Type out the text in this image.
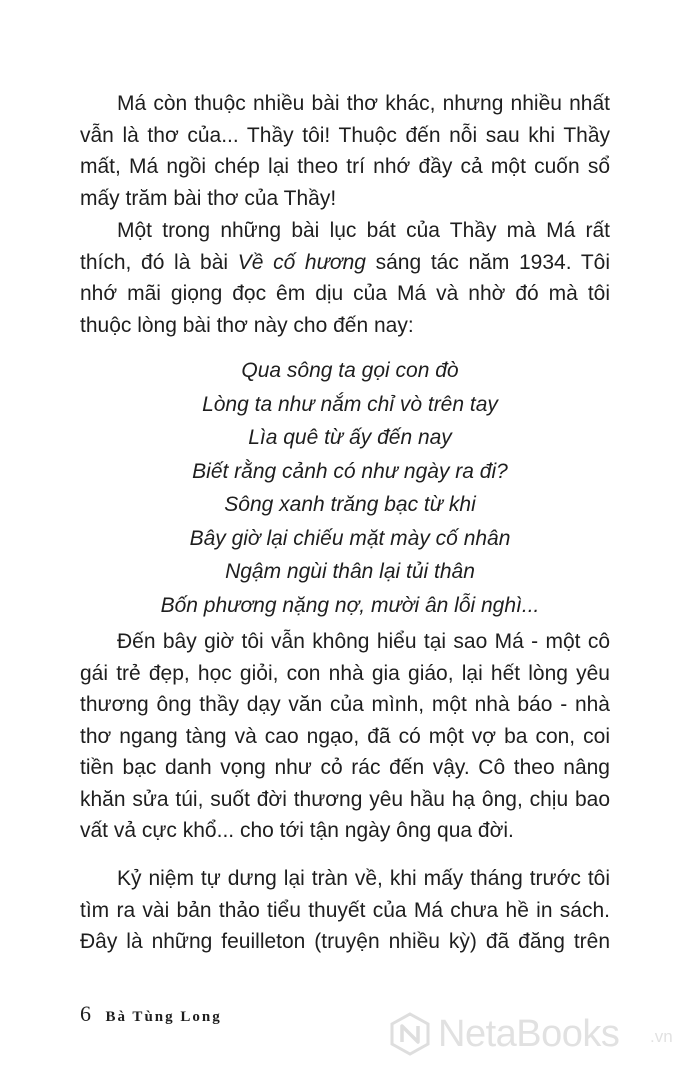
Má còn thuộc nhiều bài thơ khác, nhưng nhiều nhất vẫn là thơ của... Thầy tôi! Thuộc đến nỗi sau khi Thầy mất, Má ngồi chép lại theo trí nhớ đầy cả một cuốn sổ mấy trăm bài thơ của Thầy!

Một trong những bài lục bát của Thầy mà Má rất thích, đó là bài Về cố hương sáng tác năm 1934. Tôi nhớ mãi giọng đọc êm dịu của Má và nhờ đó mà tôi thuộc lòng bài thơ này cho đến nay:

Qua sông ta gọi con đò
Lòng ta như nắm chỉ vò trên tay
Lìa quê từ ấy đến nay
Biết rằng cảnh có như ngày ra đi?
Sông xanh trăng bạc từ khi
Bây giờ lại chiếu mặt mày cố nhân
Ngậm ngùi thân lại tủi thân
Bốn phương nặng nợ, mười ân lỗi nghì...

Đến bây giờ tôi vẫn không hiểu tại sao Má - một cô gái trẻ đẹp, học giỏi, con nhà gia giáo, lại hết lòng yêu thương ông thầy dạy văn của mình, một nhà báo - nhà thơ ngang tàng và cao ngạo, đã có một vợ ba con, coi tiền bạc danh vọng như cỏ rác đến vậy. Cô theo nâng khăn sửa túi, suốt đời thương yêu hầu hạ ông, chịu bao vất vả cực khổ... cho tới tận ngày ông qua đời.

Kỷ niệm tự dưng lại tràn về, khi mấy tháng trước tôi tìm ra vài bản thảo tiểu thuyết của Má chưa hề in sách. Đây là những feuilleton (truyện nhiều kỳ) đã đăng trên

6 Bà Tùng Long	NetaBooks .vn
